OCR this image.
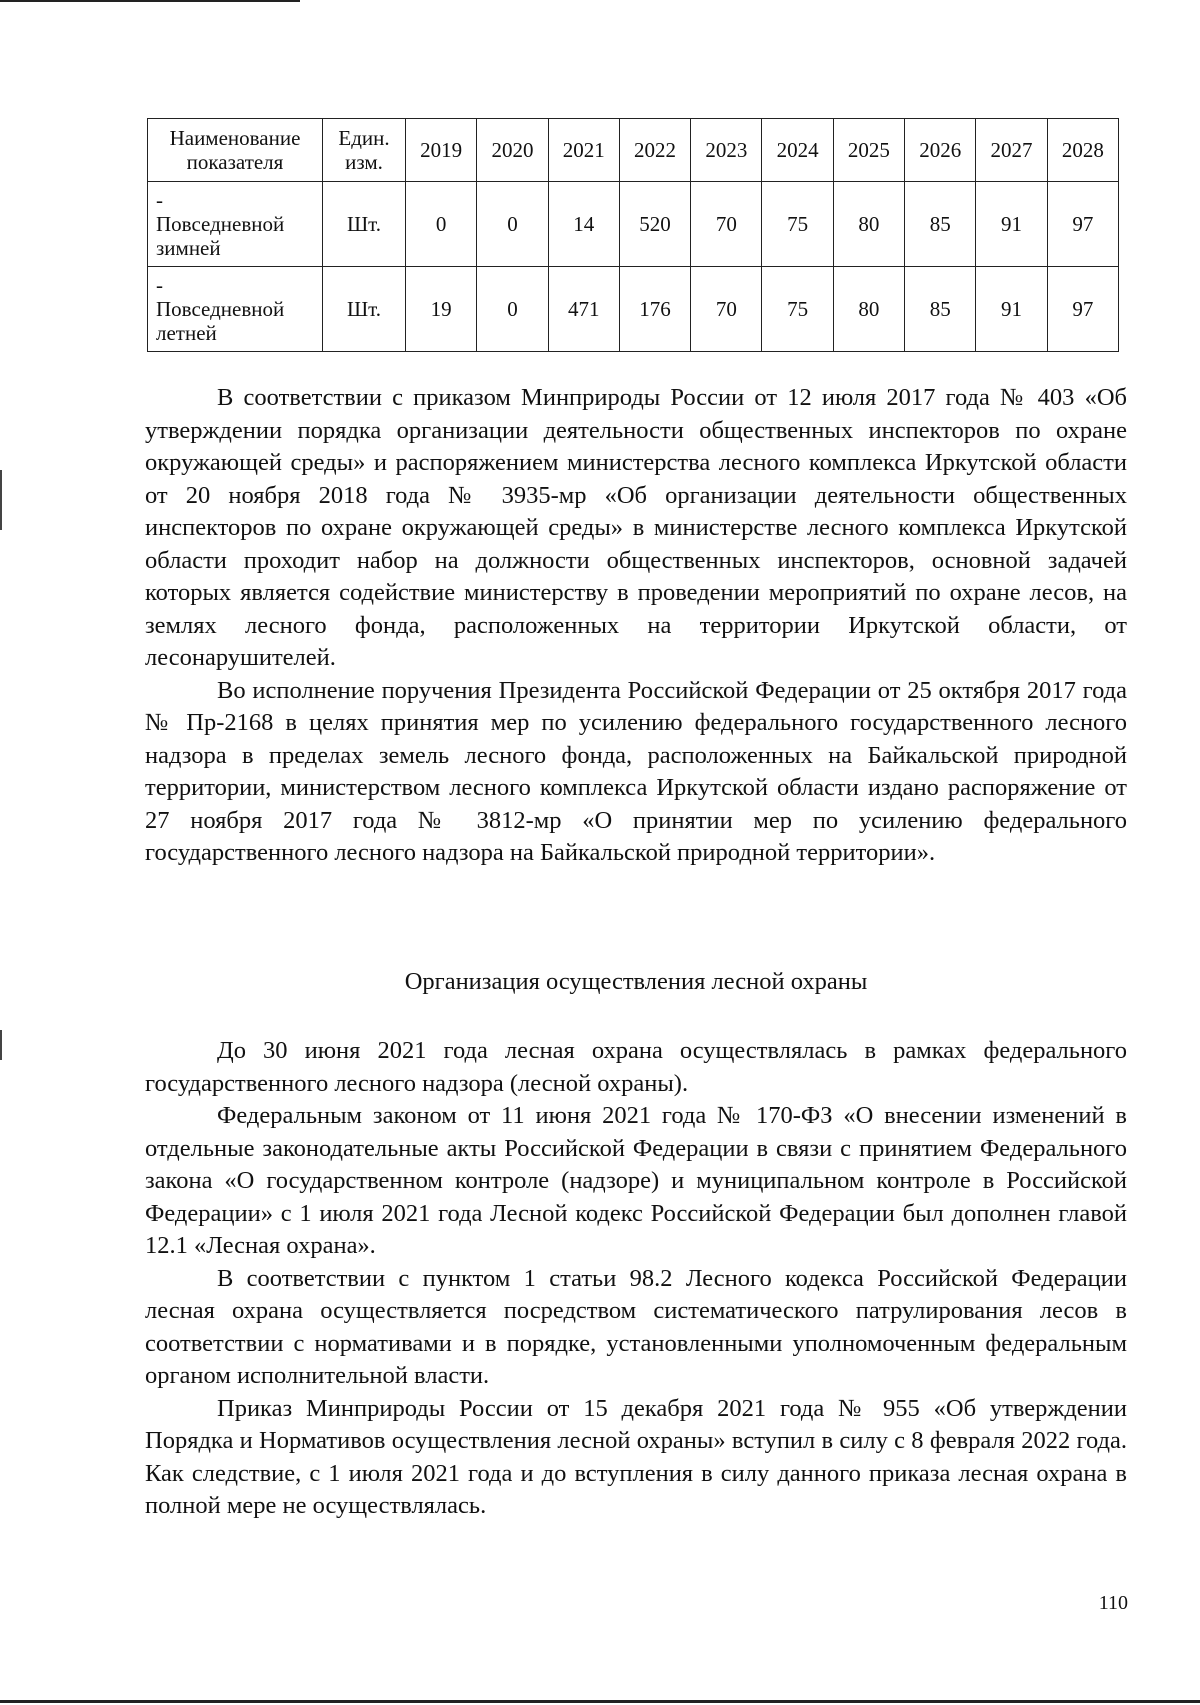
Наименование показателя	Един. изм.	2019	2020	2021	2022	2023	2024	2025	2026	2027	2028

-
Повседневной зимней	Шт.	0	0	14	520	70	75	80	85	91	97

-
Повседневной летней	Шт.	19	0	471	176	70	75	80	85	91	97

В соответствии с приказом Минприроды России от 12 июля 2017 года № 403 «Об утверждении порядка организации деятельности общественных инспекторов по охране окружающей среды» и распоряжением министерства лесного комплекса Иркутской области от 20 ноября 2018 года № 3935-мр «Об организации деятельности общественных инспекторов по охране окружающей среды» в министерстве лесного комплекса Иркутской области проходит набор на должности общественных инспекторов, основной задачей которых является содействие министерству в проведении мероприятий по охране лесов, на землях лесного фонда, расположенных на территории Иркутской области, от лесонарушителей.

Во исполнение поручения Президента Российской Федерации от 25 октября 2017 года № Пр-2168 в целях принятия мер по усилению федерального государственного лесного надзора в пределах земель лесного фонда, расположенных на Байкальской природной территории, министерством лесного комплекса Иркутской области издано распоряжение от 27 ноября 2017 года № 3812-мр «О принятии мер по усилению федерального государственного лесного надзора на Байкальской природной территории».

Организация осуществления лесной охраны

До 30 июня 2021 года лесная охрана осуществлялась в рамках федерального государственного лесного надзора (лесной охраны).

Федеральным законом от 11 июня 2021 года № 170-ФЗ «О внесении изменений в отдельные законодательные акты Российской Федерации в связи с принятием Федерального закона «О государственном контроле (надзоре) и муниципальном контроле в Российской Федерации» с 1 июля 2021 года Лесной кодекс Российской Федерации был дополнен главой 12.1 «Лесная охрана».

В соответствии с пунктом 1 статьи 98.2 Лесного кодекса Российской Федерации лесная охрана осуществляется посредством систематического патрулирования лесов в соответствии с нормативами и в порядке, установленными уполномоченным федеральным органом исполнительной власти.

Приказ Минприроды России от 15 декабря 2021 года № 955 «Об утверждении Порядка и Нормативов осуществления лесной охраны» вступил в силу с 8 февраля 2022 года. Как следствие, с 1 июля 2021 года и до вступления в силу данного приказа лесная охрана в полной мере не осуществлялась.

110
